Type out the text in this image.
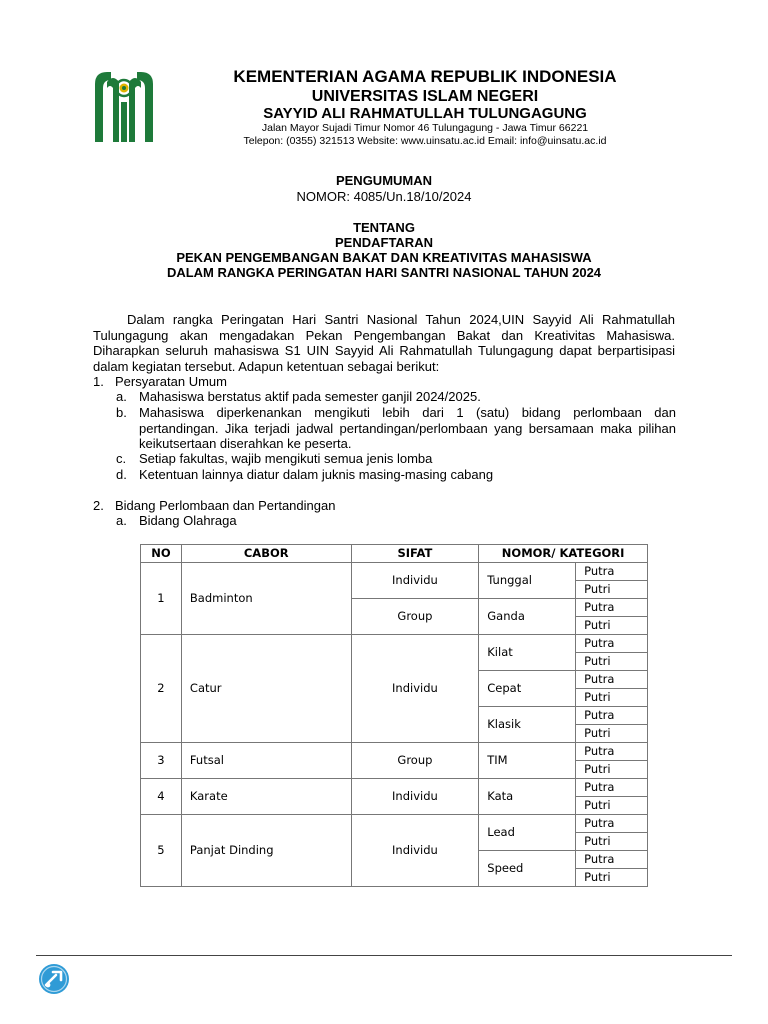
KEMENTERIAN AGAMA REPUBLIK INDONESIA
UNIVERSITAS ISLAM NEGERI
SAYYID ALI RAHMATULLAH TULUNGAGUNG
Jalan Mayor Sujadi Timur Nomor 46 Tulungagung - Jawa Timur 66221
Telepon: (0355) 321513 Website: www.uinsatu.ac.id Email: info@uinsatu.ac.id
PENGUMUMAN
NOMOR: 4085/Un.18/10/2024
TENTANG
PENDAFTARAN
PEKAN PENGEMBANGAN BAKAT DAN KREATIVITAS MAHASISWA
DALAM RANGKA PERINGATAN HARI SANTRI NASIONAL TAHUN 2024
Dalam rangka Peringatan Hari Santri Nasional Tahun 2024,UIN Sayyid Ali Rahmatullah Tulungagung akan mengadakan Pekan Pengembangan Bakat dan Kreativitas Mahasiswa. Diharapkan seluruh mahasiswa S1 UIN Sayyid Ali Rahmatullah Tulungagung dapat berpartisipasi dalam kegiatan tersebut. Adapun ketentuan sebagai berikut:
1. Persyaratan Umum
a. Mahasiswa berstatus aktif pada semester ganjil 2024/2025.
b. Mahasiswa diperkenankan mengikuti lebih dari 1 (satu) bidang perlombaan dan pertandingan. Jika terjadi jadwal pertandingan/perlombaan yang bersamaan maka pilihan keikutsertaan diserahkan ke peserta.
c. Setiap fakultas, wajib mengikuti semua jenis lomba
d. Ketentuan lainnya diatur dalam juknis masing-masing cabang
2. Bidang Perlombaan dan Pertandingan
a. Bidang Olahraga
NO	CABOR	SIFAT	NOMOR/ KATEGORI	
1	Badminton	Individu	Tunggal	Putra
				Putri
		Group	Ganda	Putra
				Putri
2	Catur	Individu	Kilat	Putra
				Putri
			Cepat	Putra
				Putri
			Klasik	Putra
				Putri
3	Futsal	Group	TIM	Putra
				Putri
4	Karate	Individu	Kata	Putra
				Putri
5	Panjat Dinding	Individu	Lead	Putra
				Putri
			Speed	Putra
				Putri
